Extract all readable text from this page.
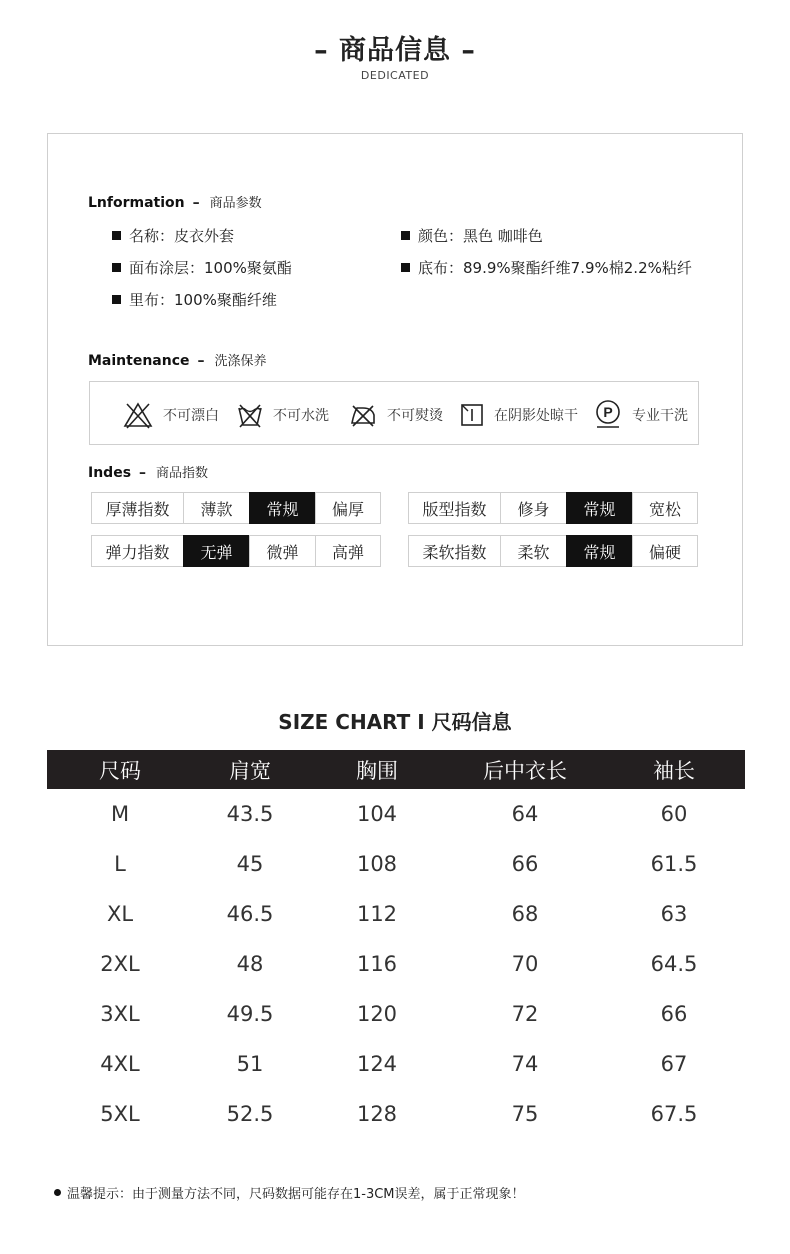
– 商品信息 –
DEDICATED
Lnformation – 商品参数
名称：皮衣外套	颜色：黑色 咖啡色
面布涂层：100%聚氨酯	底布：89.9%聚酯纤维7.9%棉2.2%粘纤
里布：100%聚酯纤维
Maintenance – 洗涤保养
不可漂白	不可水洗	不可熨烫	在阴影处晾干 P 专业干洗
Indes – 商品指数
厚薄指数	薄款	常规	偏厚	版型指数	修身	常规	宽松
弹力指数	无弹	微弹	高弹	柔软指数	柔软	常规	偏硬
SIZE CHART Ⅰ 尺码信息
尺码	肩宽	胸围	后中衣长	袖长
M	43.5	104	64	60
L	45	108	66	61.5
XL	46.5	112	68	63
2XL	48	116	70	64.5
3XL	49.5	120	72	66
4XL	51	124	74	67
5XL	52.5	128	75	67.5
温馨提示：由于测量方法不同，尺码数据可能存在1-3CM误差，属于正常现象！
